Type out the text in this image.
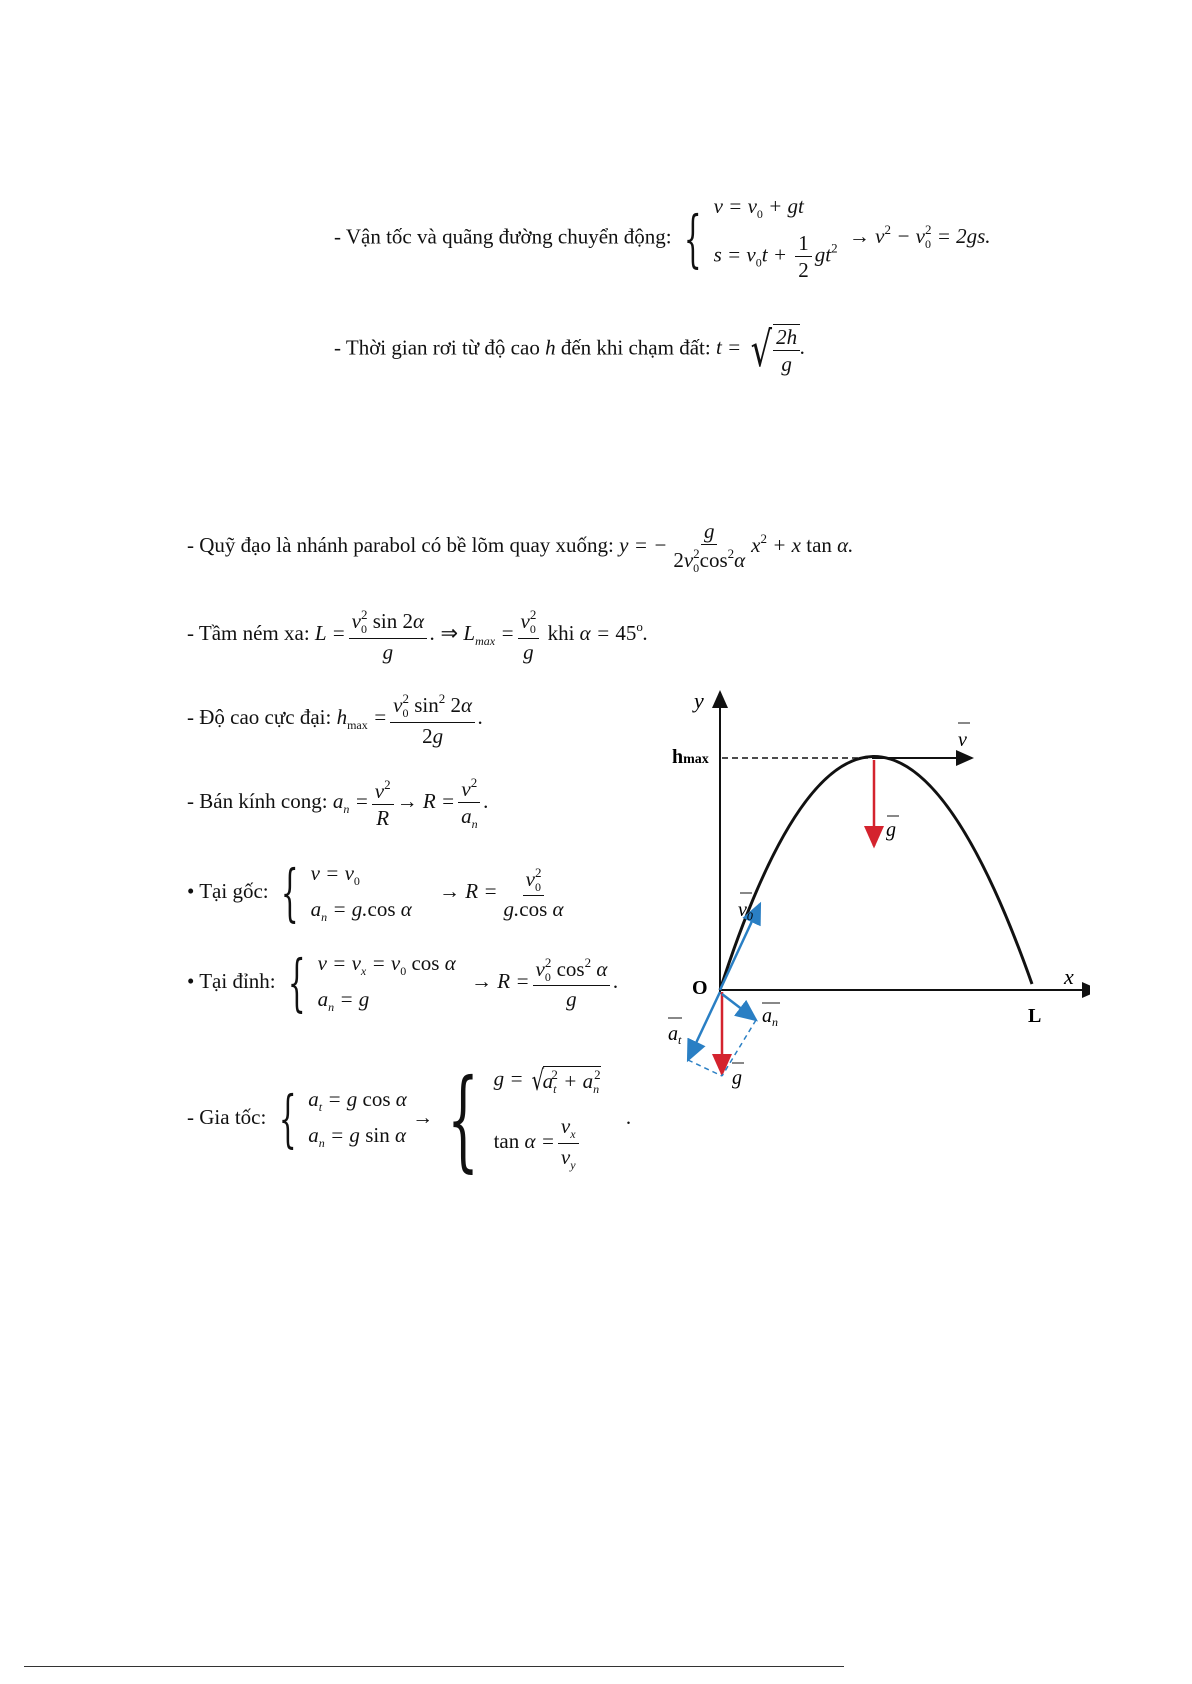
- Vận tốc và quãng đường chuyển động: { $v = v_0$ + gt
$s = v_0t + \frac{1}{2} gt^2 \to v^2 - v_0^2 = 2gs$.
- Thời gian rơi từ độ cao h đến khi chạm đất: t = √ $\frac{2h}{g}$ .
- Quỹ đạo là nhánh parabol có bề lõm quay xuống: y = − $\frac{g}{2v_0^2\cos^2\alpha} x^2 + x$ tan α.
- Tầm ném xa: $L = \frac{v_0^2 \sin 2\alpha}{g}$ . ⇒ $L_{max} = \frac{v_0^2}{g}$ khi $\alpha = 45^o$.
- Độ cao cực đại: $h_{max} = \frac{v_0^2 \sin^2 2\alpha}{2g}$ .
- Bán kính cong: $a_n = \frac{v^2}{R} \to R = \frac{v^2}{a_n}$ .
• Tại gốc: { $v = v_0$
$a_n = g.\cos$ α
→ $R = \frac{v_0^2}{\text{g.cos α}}$
• Tại đỉnh: { $v = v_x = v_0$ cos α
$a_n = g$
→ $R = \frac{v_0^2 \cos^2 \alpha}{g}$ .
- Gia tốc: { $a_t = g$ cos α
$a_n = g$ sin α
→ { g = √
$a_t^2 + a_n^2$
$\tan \alpha = \frac{v_x}{v_y}$ .
y
x
O
L
hmax
v
g
$v_0$
$a_t$
$a_n$
g
